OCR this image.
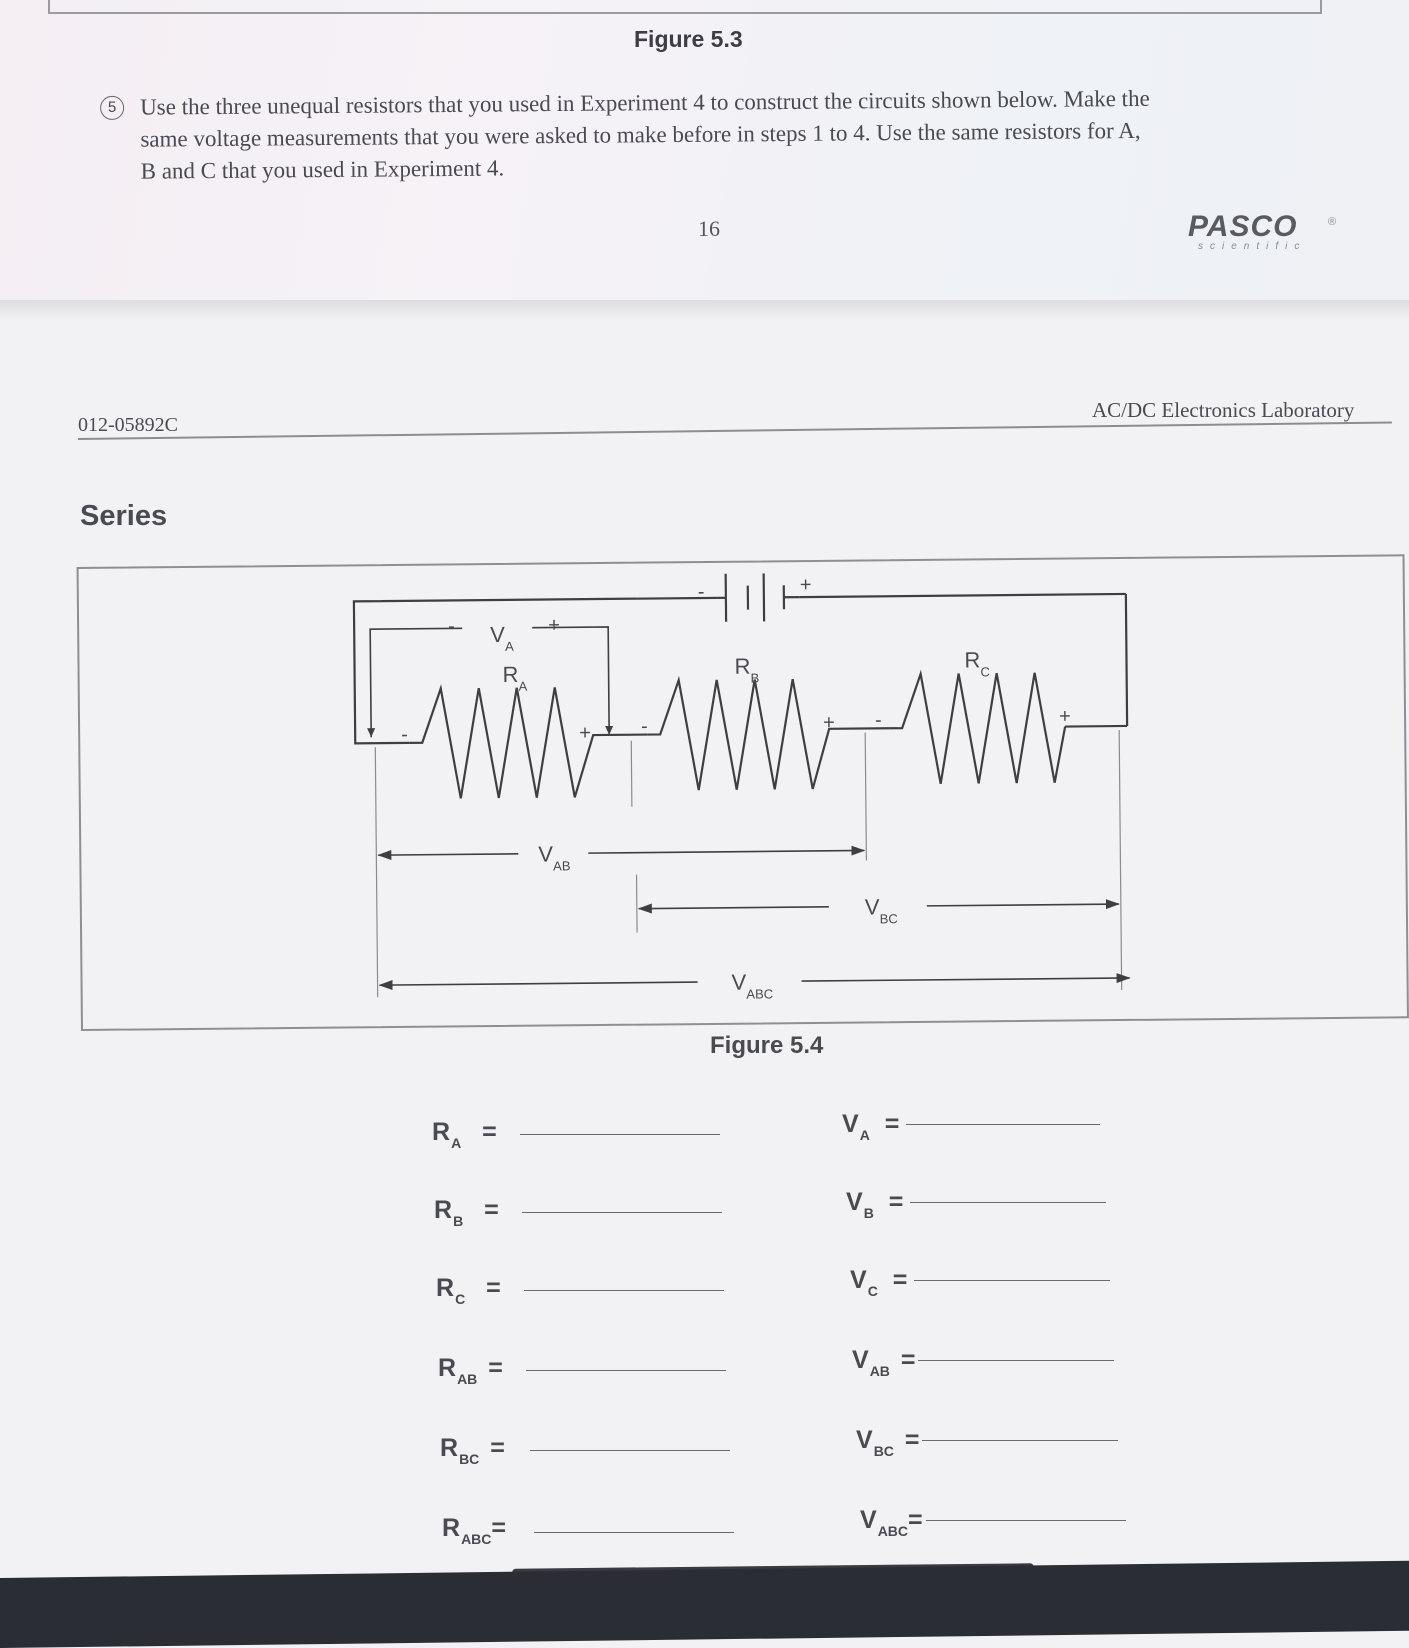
Figure 5.3
5	Use the three unequal resistors that you used in Experiment 4 to construct the circuits shown below. Make the same voltage measurements that you were asked to make before in steps 1 to 4. Use the same resistors for A, B and C that you used in Experiment 4.
16	PASCO
scientific
®
012-05892C
AC/DC Electronics Laboratory
Series
$V_A$
$R_A$
$R_B$
$R_C$
$V_{AB}$
$V_{BC}$
$V_{ABC}$
-	+
-	+
-	+	-	+ -	+
Figure 5.4
$R_A$ =
$R_B$ =
$R_C$ =
$R_{AB}$ =
$R_{BC}$ =
$R_{ABC}=$
$V_A$ =
$V_B$ =
$V_C$ =
$V_{AB}$ =
$V_{BC}$ =
$V_{ABC}=$
